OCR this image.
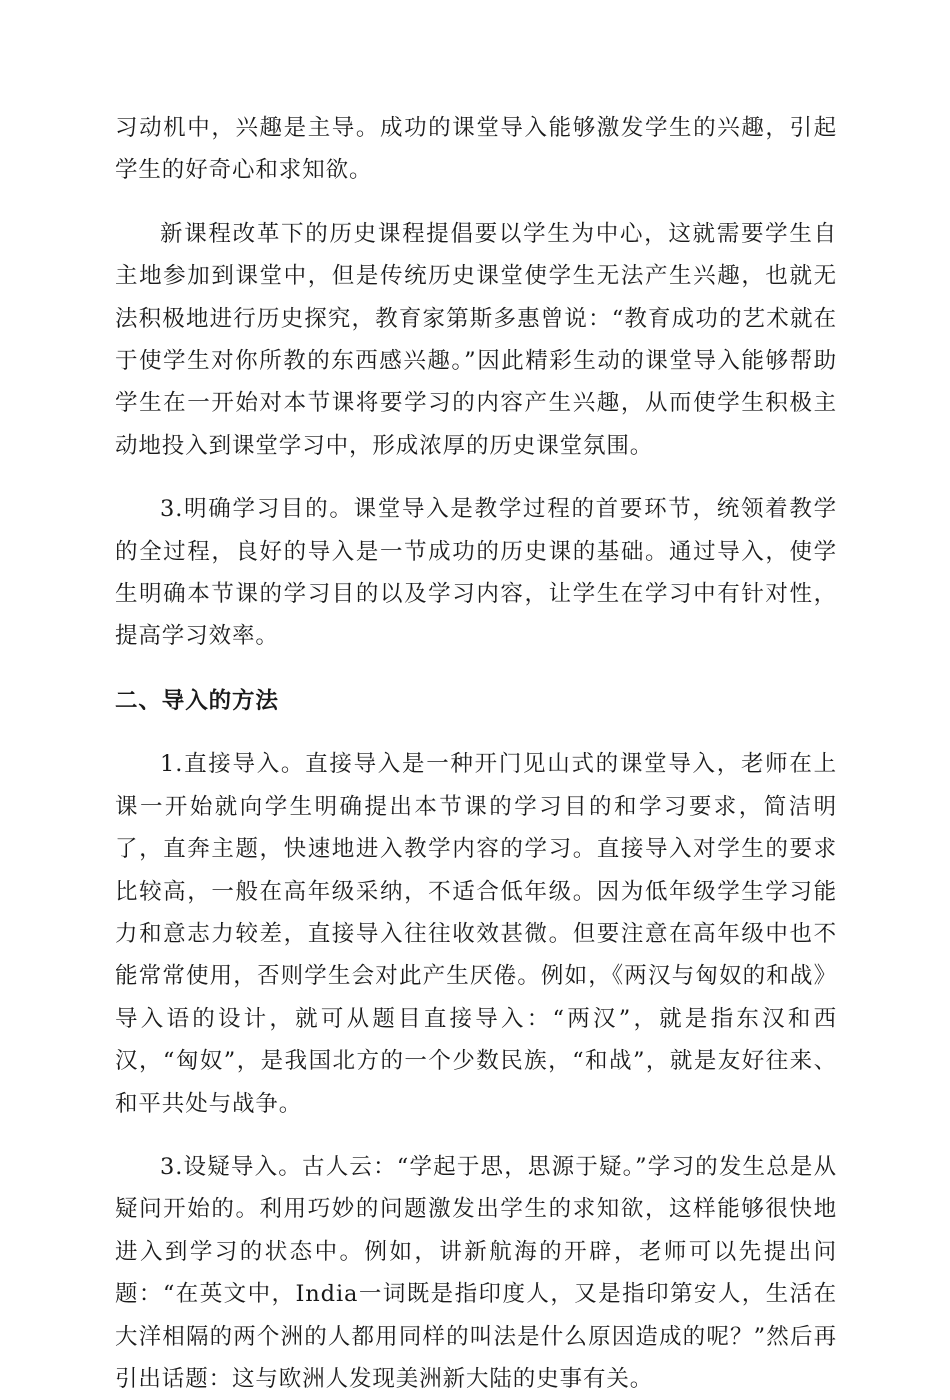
习动机中，兴趣是主导。成功的课堂导入能够激发学生的兴趣，引起学生的好奇心和求知欲。

新课程改革下的历史课程提倡要以学生为中心，这就需要学生自主地参加到课堂中，但是传统历史课堂使学生无法产生兴趣，也就无法积极地进行历史探究，教育家第斯多惠曾说：“教育成功的艺术就在于使学生对你所教的东西感兴趣。”因此精彩生动的课堂导入能够帮助学生在一开始对本节课将要学习的内容产生兴趣，从而使学生积极主动地投入到课堂学习中，形成浓厚的历史课堂氛围。

3.明确学习目的。课堂导入是教学过程的首要环节，统领着教学的全过程，良好的导入是一节成功的历史课的基础。通过导入，使学生明确本节课的学习目的以及学习内容，让学生在学习中有针对性，提高学习效率。

二、导入的方法

1.直接导入。直接导入是一种开门见山式的课堂导入，老师在上课一开始就向学生明确提出本节课的学习目的和学习要求，简洁明了，直奔主题，快速地进入教学内容的学习。直接导入对学生的要求比较高，一般在高年级采纳，不适合低年级。因为低年级学生学习能力和意志力较差，直接导入往往收效甚微。但要注意在高年级中也不能常常使用，否则学生会对此产生厌倦。例如，《两汉与匈奴的和战》导入语的设计，就可从题目直接导入：“两汉”，就是指东汉和西汉，“匈奴”，是我国北方的一个少数民族，“和战”，就是友好往来、和平共处与战争。

3.设疑导入。古人云：“学起于思，思源于疑。”学习的发生总是从疑问开始的。利用巧妙的问题激发出学生的求知欲，这样能够很快地进入到学习的状态中。例如，讲新航海的开辟，老师可以先提出问题：“在英文中，India一词既是指印度人，又是指印第安人，生活在大洋相隔的两个洲的人都用同样的叫法是什么原因造成的呢？”然后再引出话题：这与欧洲人发现美洲新大陆的史事有关。
